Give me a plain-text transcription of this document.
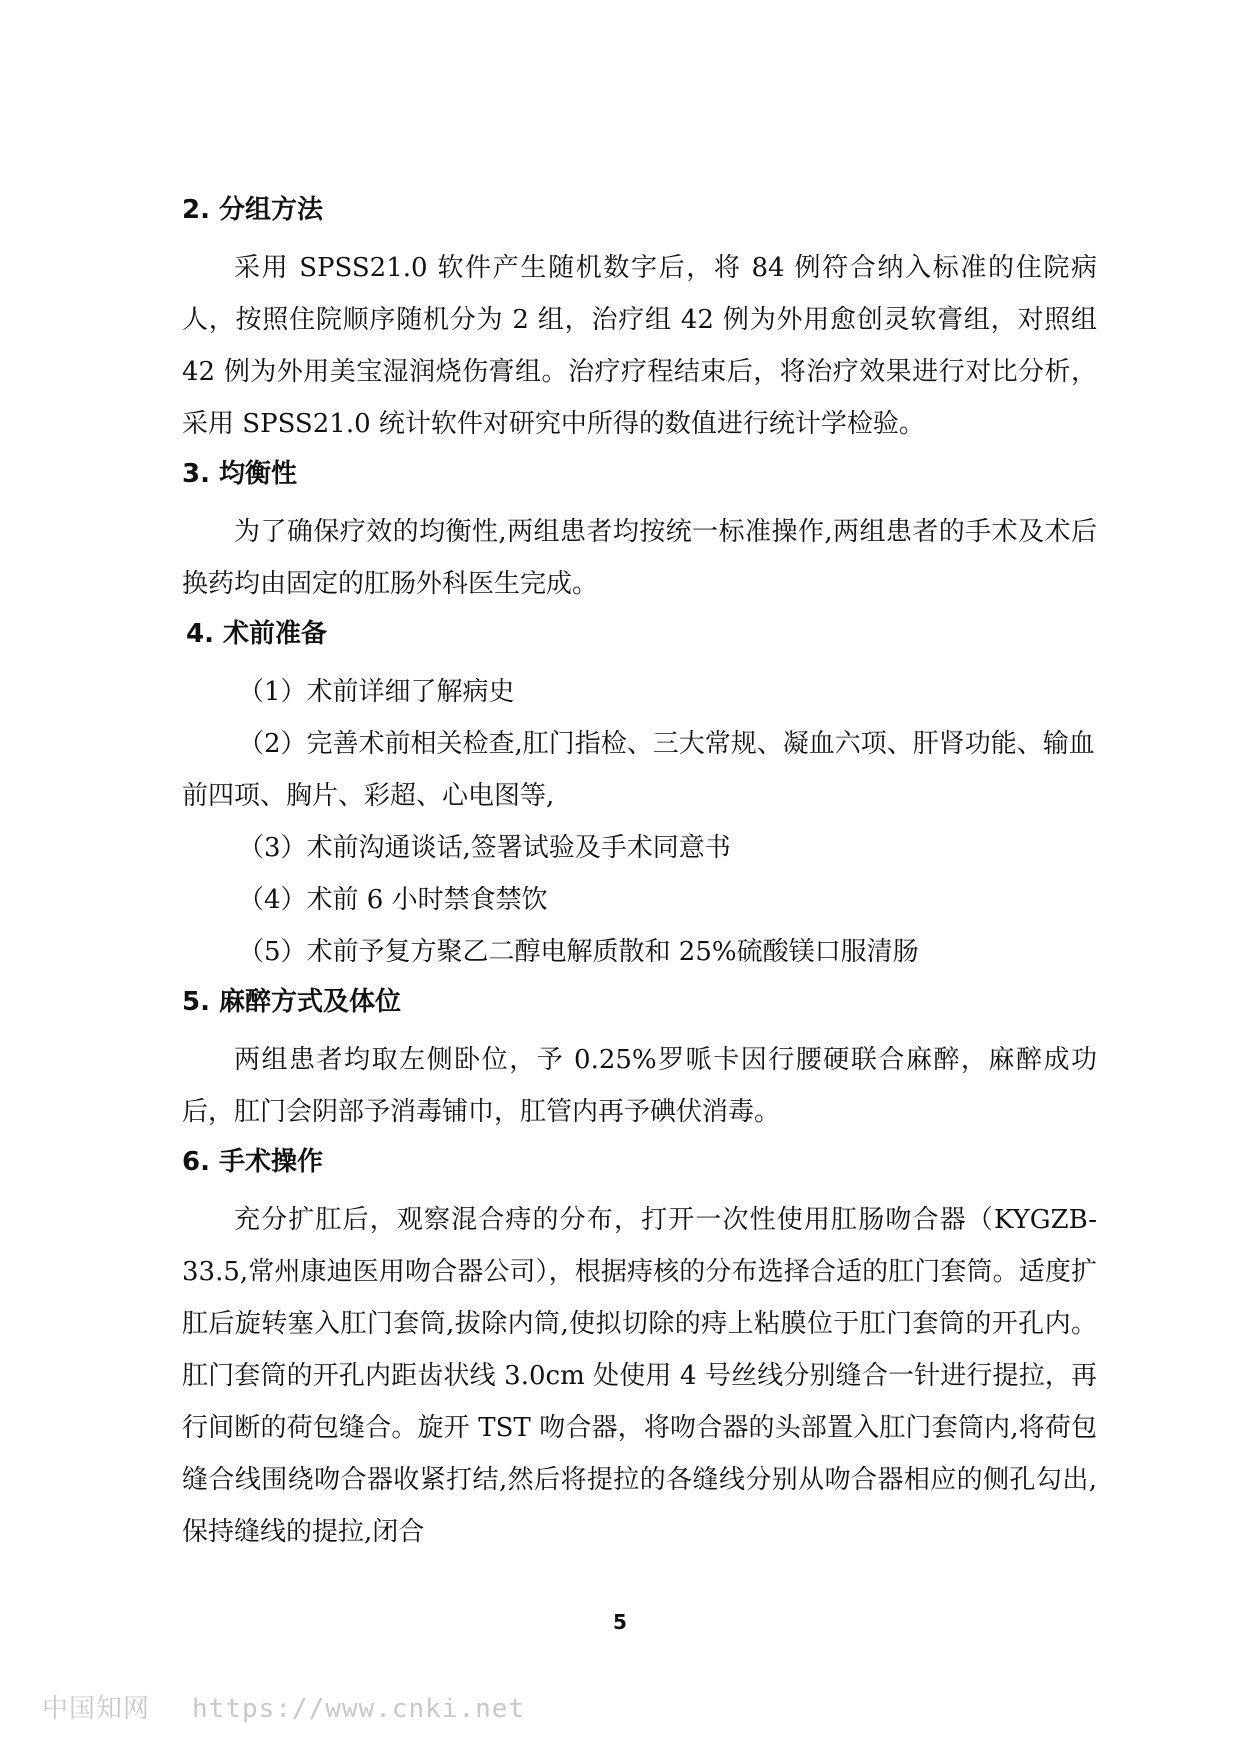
2. 分组方法

采用 SPSS21.0 软件产生随机数字后，将 84 例符合纳入标准的住院病人，按照住院顺序随机分为 2 组，治疗组 42 例为外用愈创灵软膏组，对照组 42 例为外用美宝湿润烧伤膏组。治疗疗程结束后，将治疗效果进行对比分析，采用 SPSS21.0 统计软件对研究中所得的数值进行统计学检验。

3. 均衡性

为了确保疗效的均衡性,两组患者均按统一标准操作,两组患者的手术及术后换药均由固定的肛肠外科医生完成。

4. 术前准备

（1）术前详细了解病史

（2）完善术前相关检查,肛门指检、三大常规、凝血六项、肝肾功能、输血前四项、胸片、彩超、心电图等,

（3）术前沟通谈话,签署试验及手术同意书

（4）术前 6 小时禁食禁饮

（5）术前予复方聚乙二醇电解质散和 25%硫酸镁口服清肠

5. 麻醉方式及体位

两组患者均取左侧卧位，予 0.25%罗哌卡因行腰硬联合麻醉，麻醉成功后，肛门会阴部予消毒铺巾，肛管内再予碘伏消毒。

6. 手术操作

充分扩肛后，观察混合痔的分布，打开一次性使用肛肠吻合器（KYGZB-33.5,常州康迪医用吻合器公司），根据痔核的分布选择合适的肛门套筒。适度扩肛后旋转塞入肛门套筒,拔除内筒,使拟切除的痔上粘膜位于肛门套筒的开孔内。肛门套筒的开孔内距齿状线 3.0cm 处使用 4 号丝线分别缝合一针进行提拉，再行间断的荷包缝合。旋开 TST 吻合器，将吻合器的头部置入肛门套筒内,将荷包缝合线围绕吻合器收紧打结,然后将提拉的各缝线分别从吻合器相应的侧孔勾出,保持缝线的提拉,闭合

5
中国知网 https://www.cnki.net
